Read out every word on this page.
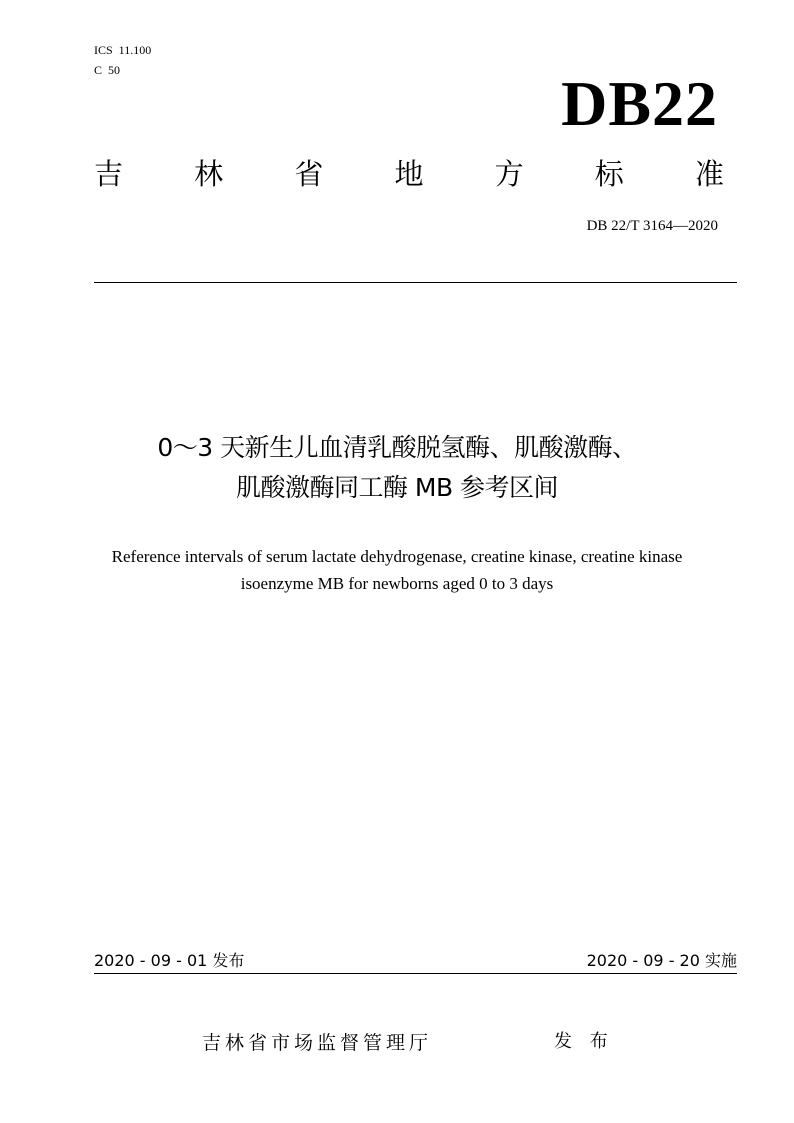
ICS  11.100
C  50	DB22
吉 林 省 地 方 标 准
DB 22/T 3164—2020
0～3 天新生儿血清乳酸脱氢酶、肌酸激酶、
肌酸激酶同工酶 MB 参考区间
Reference intervals of serum lactate dehydrogenase, creatine kinase, creatine kinase
isoenzyme MB for newborns aged 0 to 3 days
2020 - 09 - 01 发布	2020 - 09 - 20 实施
吉林省市场监督管理厅	发 布
